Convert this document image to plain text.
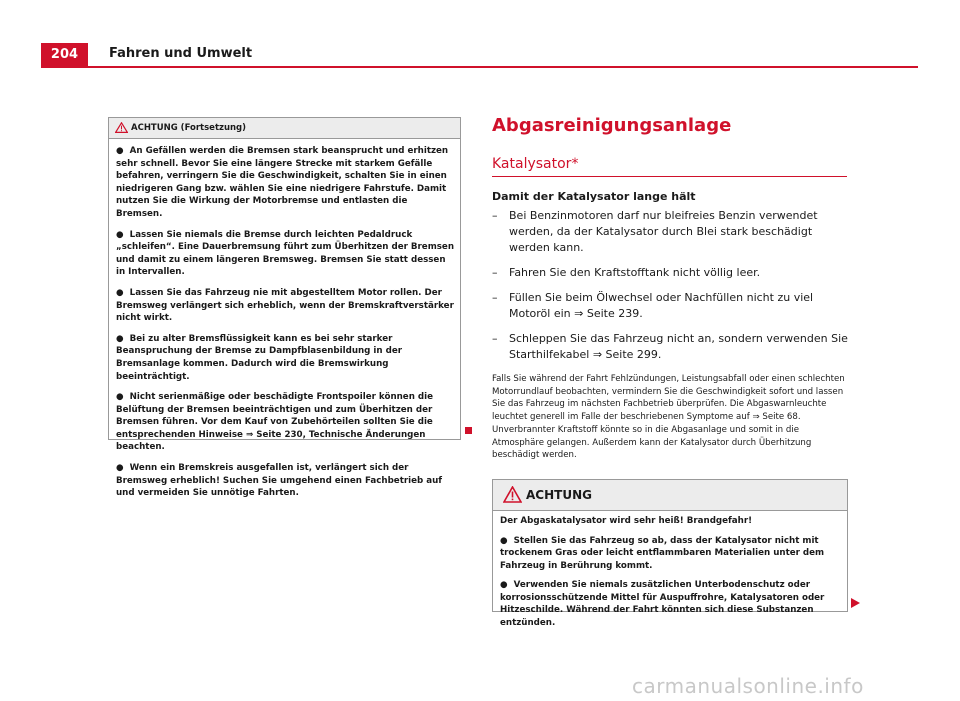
204	Fahren und Umwelt
ACHTUNG (Fortsetzung)

● An Gefällen werden die Bremsen stark beansprucht und erhitzen sehr schnell. Bevor Sie eine längere Strecke mit starkem Gefälle befahren, verringern Sie die Geschwindigkeit, schalten Sie in einen niedrigeren Gang bzw. wählen Sie eine niedrigere Fahrstufe. Damit nutzen Sie die Wirkung der Motorbremse und entlasten die Bremsen.

● Lassen Sie niemals die Bremse durch leichten Pedaldruck „schleifen“. Eine Dauerbremsung führt zum Überhitzen der Bremsen und damit zu einem längeren Bremsweg. Bremsen Sie statt dessen in Intervallen.

● Lassen Sie das Fahrzeug nie mit abgestelltem Motor rollen. Der Bremsweg verlängert sich erheblich, wenn der Bremskraftverstärker nicht wirkt.

● Bei zu alter Bremsflüssigkeit kann es bei sehr starker Beanspruchung der Bremse zu Dampfblasenbildung in der Bremsanlage kommen. Dadurch wird die Bremswirkung beeinträchtigt.

● Nicht serienmäßige oder beschädigte Frontspoiler können die Belüftung der Bremsen beeinträchtigen und zum Überhitzen der Bremsen führen. Vor dem Kauf von Zubehörteilen sollten Sie die entsprechenden Hinweise ⇒ Seite 230, Technische Änderungen beachten.

● Wenn ein Bremskreis ausgefallen ist, verlängert sich der Bremsweg erheblich! Suchen Sie umgehend einen Fachbetrieb auf und vermeiden Sie unnötige Fahrten.

Abgasreinigungsanlage
Katalysator*
Damit der Katalysator lange hält
– Bei Benzinmotoren darf nur bleifreies Benzin verwendet werden, da der Katalysator durch Blei stark beschädigt werden kann.
– Fahren Sie den Kraftstofftank nicht völlig leer.
– Füllen Sie beim Ölwechsel oder Nachfüllen nicht zu viel Motoröl ein ⇒ Seite 239.
– Schleppen Sie das Fahrzeug nicht an, sondern verwenden Sie Starthilfekabel ⇒ Seite 299.

Falls Sie während der Fahrt Fehlzündungen, Leistungsabfall oder einen schlechten Motorrundlauf beobachten, vermindern Sie die Geschwindigkeit sofort und lassen Sie das Fahrzeug im nächsten Fachbetrieb überprüfen. Die Abgaswarnleuchte leuchtet generell im Falle der beschriebenen Symptome auf ⇒ Seite 68. Unverbrannter Kraftstoff könnte so in die Abgasanlage und somit in die Atmosphäre gelangen. Außerdem kann der Katalysator durch Überhitzung beschädigt werden.

ACHTUNG

Der Abgaskatalysator wird sehr heiß! Brandgefahr!

● Stellen Sie das Fahrzeug so ab, dass der Katalysator nicht mit trockenem Gras oder leicht entflammbaren Materialien unter dem Fahrzeug in Berührung kommt.

● Verwenden Sie niemals zusätzlichen Unterbodenschutz oder korrosionsschützende Mittel für Auspuffrohre, Katalysatoren oder Hitzeschilde. Während der Fahrt könnten sich diese Substanzen entzünden.

carmanualsonline.info
